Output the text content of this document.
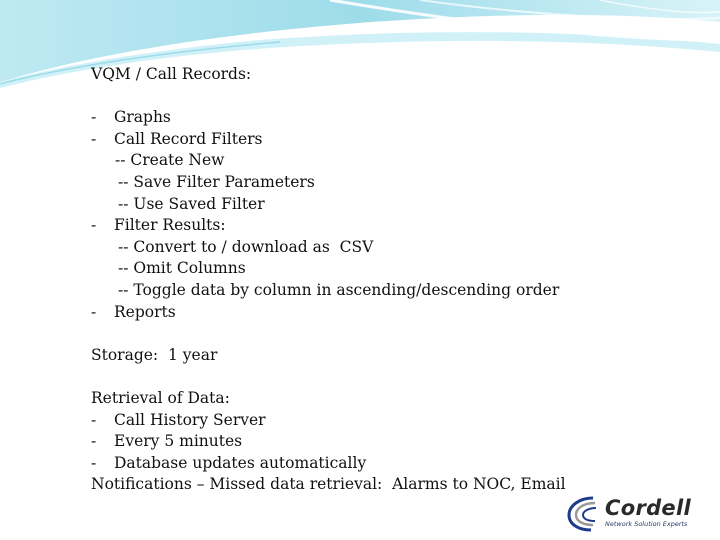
VQM / Call Records:
- Graphs
- Call Record Filters
-- Create New
-- Save Filter Parameters
-- Use Saved Filter
- Filter Results:
-- Convert to / download as  CSV
-- Omit Columns
-- Toggle data by column in ascending/descending order
- Reports
Storage:  1 year
Retrieval of Data:
- Call History Server
- Every 5 minutes
- Database updates automatically
Notifications – Missed data retrieval:  Alarms to NOC, Email
Cordell
Network Solution Experts
